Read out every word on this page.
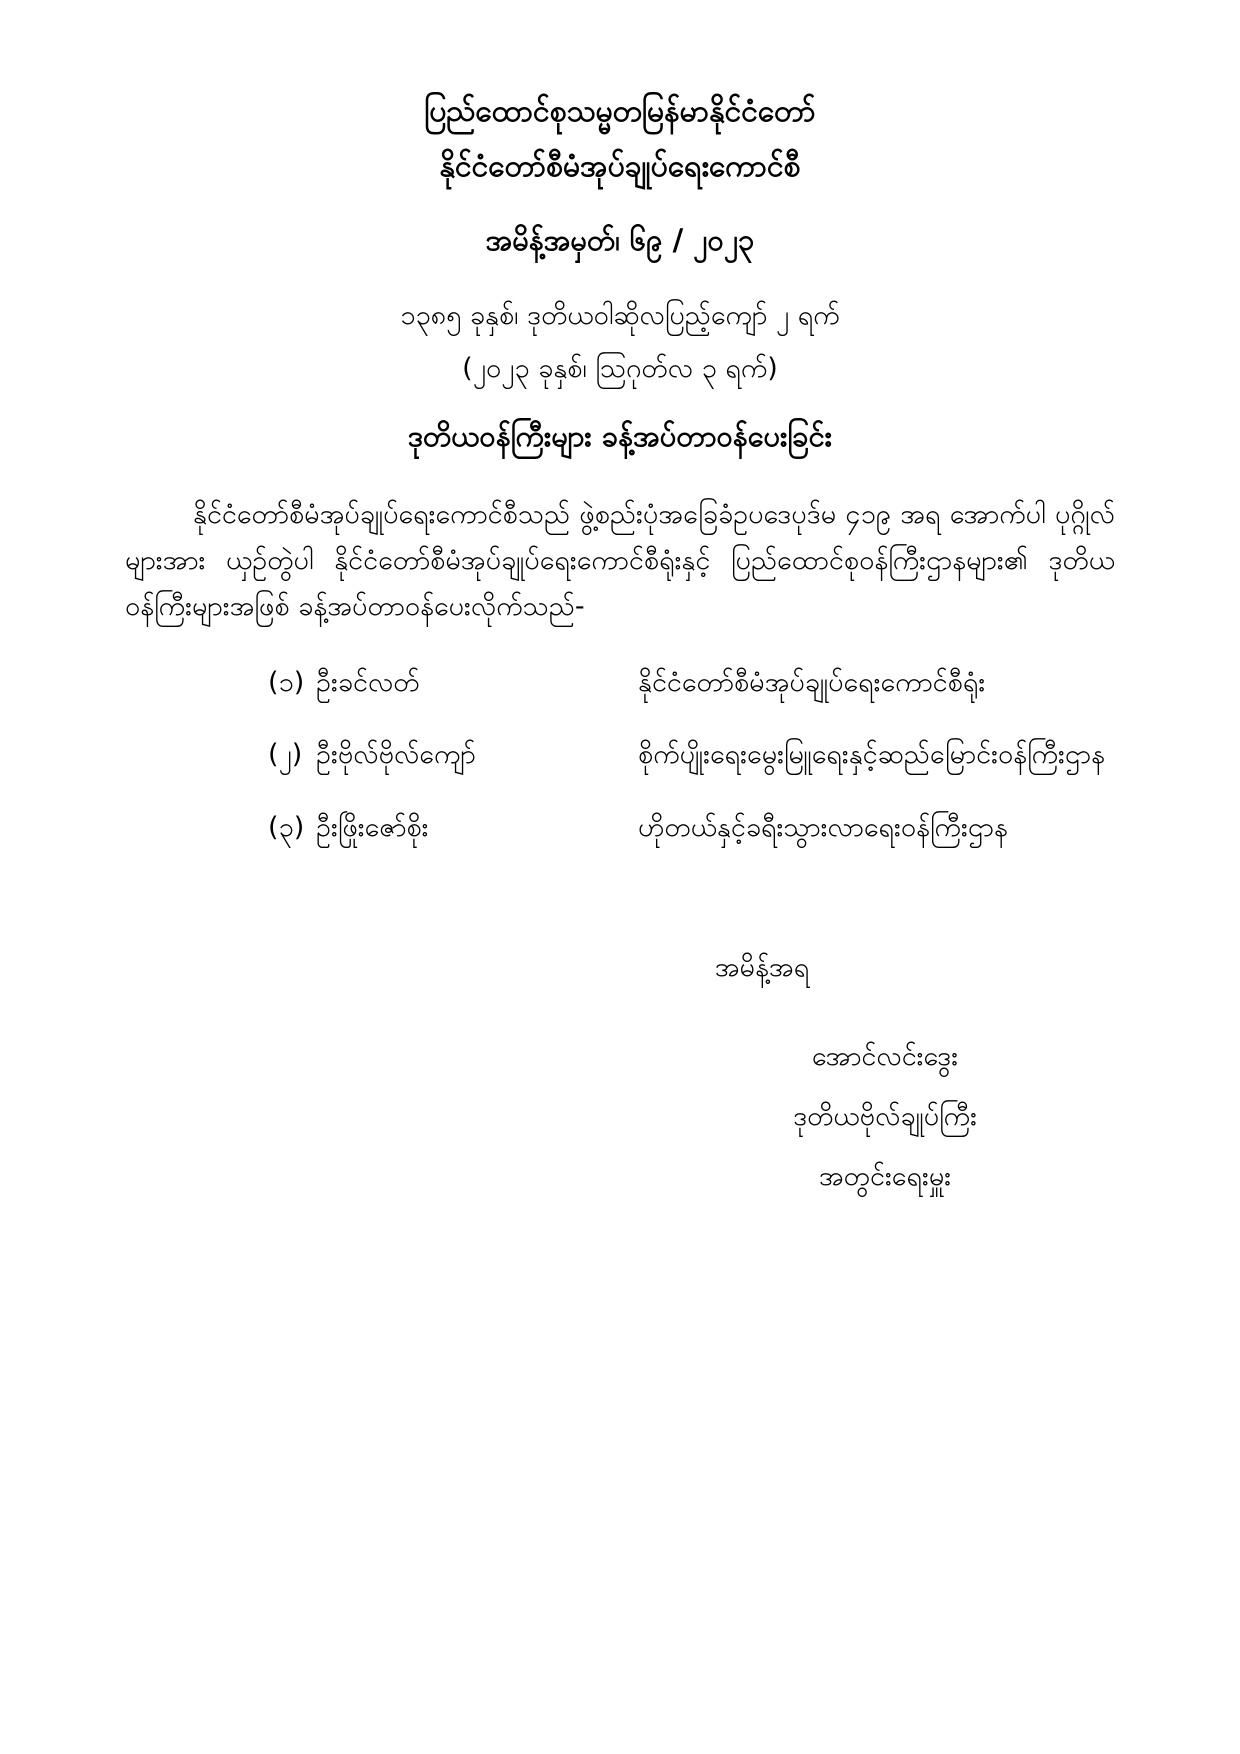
ပြည်ထောင်စုသမ္မတမြန်မာနိုင်ငံတော်
နိုင်ငံတော်စီမံအုပ်ချုပ်ရေးကောင်စီ
အမိန့်အမှတ်၊ ၆၉ / ၂၀၂၃
၁၃၈၅ ခုနှစ်၊ ဒုတိယဝါဆိုလပြည့်ကျော် ၂ ရက်
(၂၀၂၃ ခုနှစ်၊ သြဂုတ်လ ၃ ရက်)
ဒုတိယဝန်ကြီးများ ခန့်အပ်တာဝန်ပေးခြင်း

နိုင်ငံတော်စီမံအုပ်ချုပ်ရေးကောင်စီသည် ဖွဲ့စည်းပုံအခြေခံဥပဒေပုဒ်မ ၄၁၉ အရ အောက်ပါ ပုဂ္ဂိုလ်များအား ယှဉ်တွဲပါ နိုင်ငံတော်စီမံအုပ်ချုပ်ရေးကောင်စီရုံးနှင့် ပြည်ထောင်စုဝန်ကြီးဌာနများ၏ ဒုတိယဝန်ကြီးများအဖြစ် ခန့်အပ်တာဝန်ပေးလိုက်သည်-

(၁) ဦးခင်လတ်	နိုင်ငံတော်စီမံအုပ်ချုပ်ရေးကောင်စီရုံး
(၂) ဦးဗိုလ်ဗိုလ်ကျော်	စိုက်ပျိုးရေးမွေးမြူရေးနှင့်ဆည်မြောင်းဝန်ကြီးဌာန
(၃) ဦးဖြိုးဇော်စိုး	ဟိုတယ်နှင့်ခရီးသွားလာရေးဝန်ကြီးဌာန
အမိန့်အရ
အောင်လင်းဒွေး
ဒုတိယဗိုလ်ချုပ်ကြီး
အတွင်းရေးမှူး
